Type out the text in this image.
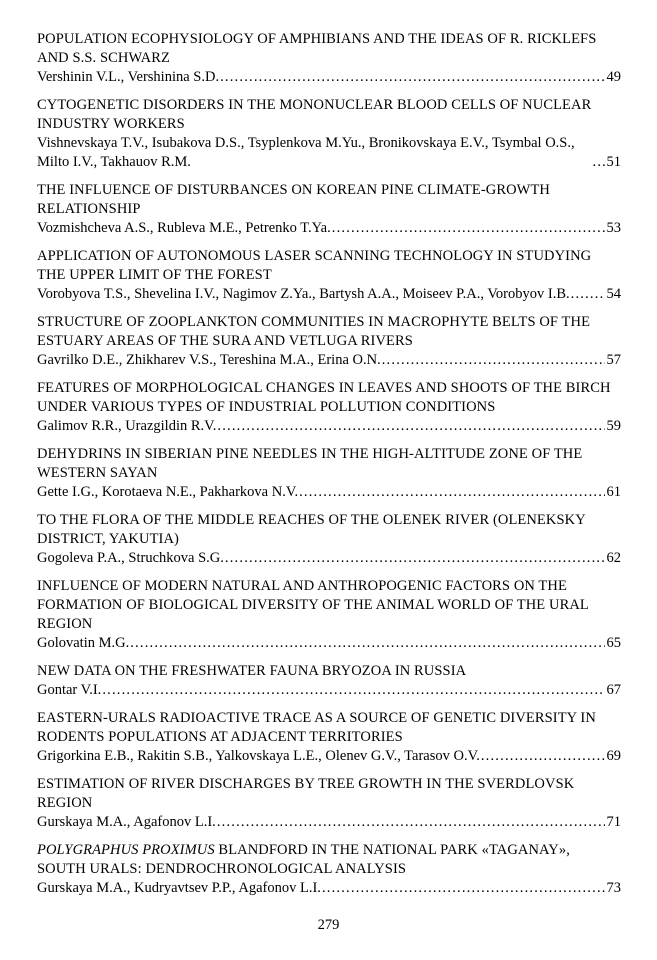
POPULATION ECOPHYSIOLOGY OF AMPHIBIANS AND THE IDEAS OF R. RICKLEFS AND S.S. SCHWARZ
Vershinin V.L., Vershinina S.D. .....	49
CYTOGENETIC DISORDERS IN THE MONONUCLEAR BLOOD CELLS OF NUCLEAR INDUSTRY WORKERS
Vishnevskaya T.V., Isubakova D.S., Tsyplenkova M.Yu., Bronikovskaya E.V., Tsymbal O.S., Milto I.V., Takhauov R.M. .....	51
THE INFLUENCE OF DISTURBANCES ON KOREAN PINE CLIMATE-GROWTH RELATIONSHIP
Vozmishcheva A.S., Rubleva M.E., Petrenko T.Ya. .....	53
APPLICATION OF AUTONOMOUS LASER SCANNING TECHNOLOGY IN STUDYING THE UPPER LIMIT OF THE FOREST
Vorobyova T.S., Shevelina I.V., Nagimov Z.Ya., Bartysh A.A., Moiseev P.A., Vorobyov I.B. .....	54
STRUCTURE OF ZOOPLANKTON COMMUNITIES IN MACROPHYTE BELTS OF THE ESTUARY AREAS OF THE SURA AND VETLUGA RIVERS
Gavrilko D.E., Zhikharev V.S., Tereshina M.A., Erina O.N. .....	57
FEATURES OF MORPHOLOGICAL CHANGES IN LEAVES AND SHOOTS OF THE BIRCH UNDER VARIOUS TYPES OF INDUSTRIAL POLLUTION CONDITIONS
Galimov R.R., Urazgildin R.V. .....	59
DEHYDRINS IN SIBERIAN PINE NEEDLES IN THE HIGH-ALTITUDE ZONE OF THE WESTERN SAYAN
Gette I.G., Korotaeva N.E., Pakharkova N.V. .....	61
TO THE FLORA OF THE MIDDLE REACHES OF THE OLENEK RIVER (OLENEKSKY DISTRICT, YAKUTIA)
Gogoleva P.A., Struchkova S.G. .....	62
INFLUENCE OF MODERN NATURAL AND ANTHROPOGENIC FACTORS ON THE FORMATION OF BIOLOGICAL DIVERSITY OF THE ANIMAL WORLD OF THE URAL REGION
Golovatin M.G. .....	65
NEW DATA ON THE FRESHWATER FAUNA BRYOZOA IN RUSSIA
Gontar V.I. .....	67
EASTERN-URALS RADIOACTIVE TRACE AS A SOURCE OF GENETIC DIVERSITY IN RODENTS POPULATIONS AT ADJACENT TERRITORIES
Grigorkina E.B., Rakitin S.B., Yalkovskaya L.E., Olenev G.V., Tarasov O.V. .....	69
ESTIMATION OF RIVER DISCHARGES BY TREE GROWTH IN THE SVERDLOVSK REGION
Gurskaya M.A., Agafonov L.I. .....	71
POLYGRAPHUS PROXIMUS BLANDFORD IN THE NATIONAL PARK «TAGANAY», SOUTH URALS: DENDROCHRONOLOGICAL ANALYSIS
Gurskaya M.A., Kudryavtsev P.P., Agafonov L.I. .....	73
279
